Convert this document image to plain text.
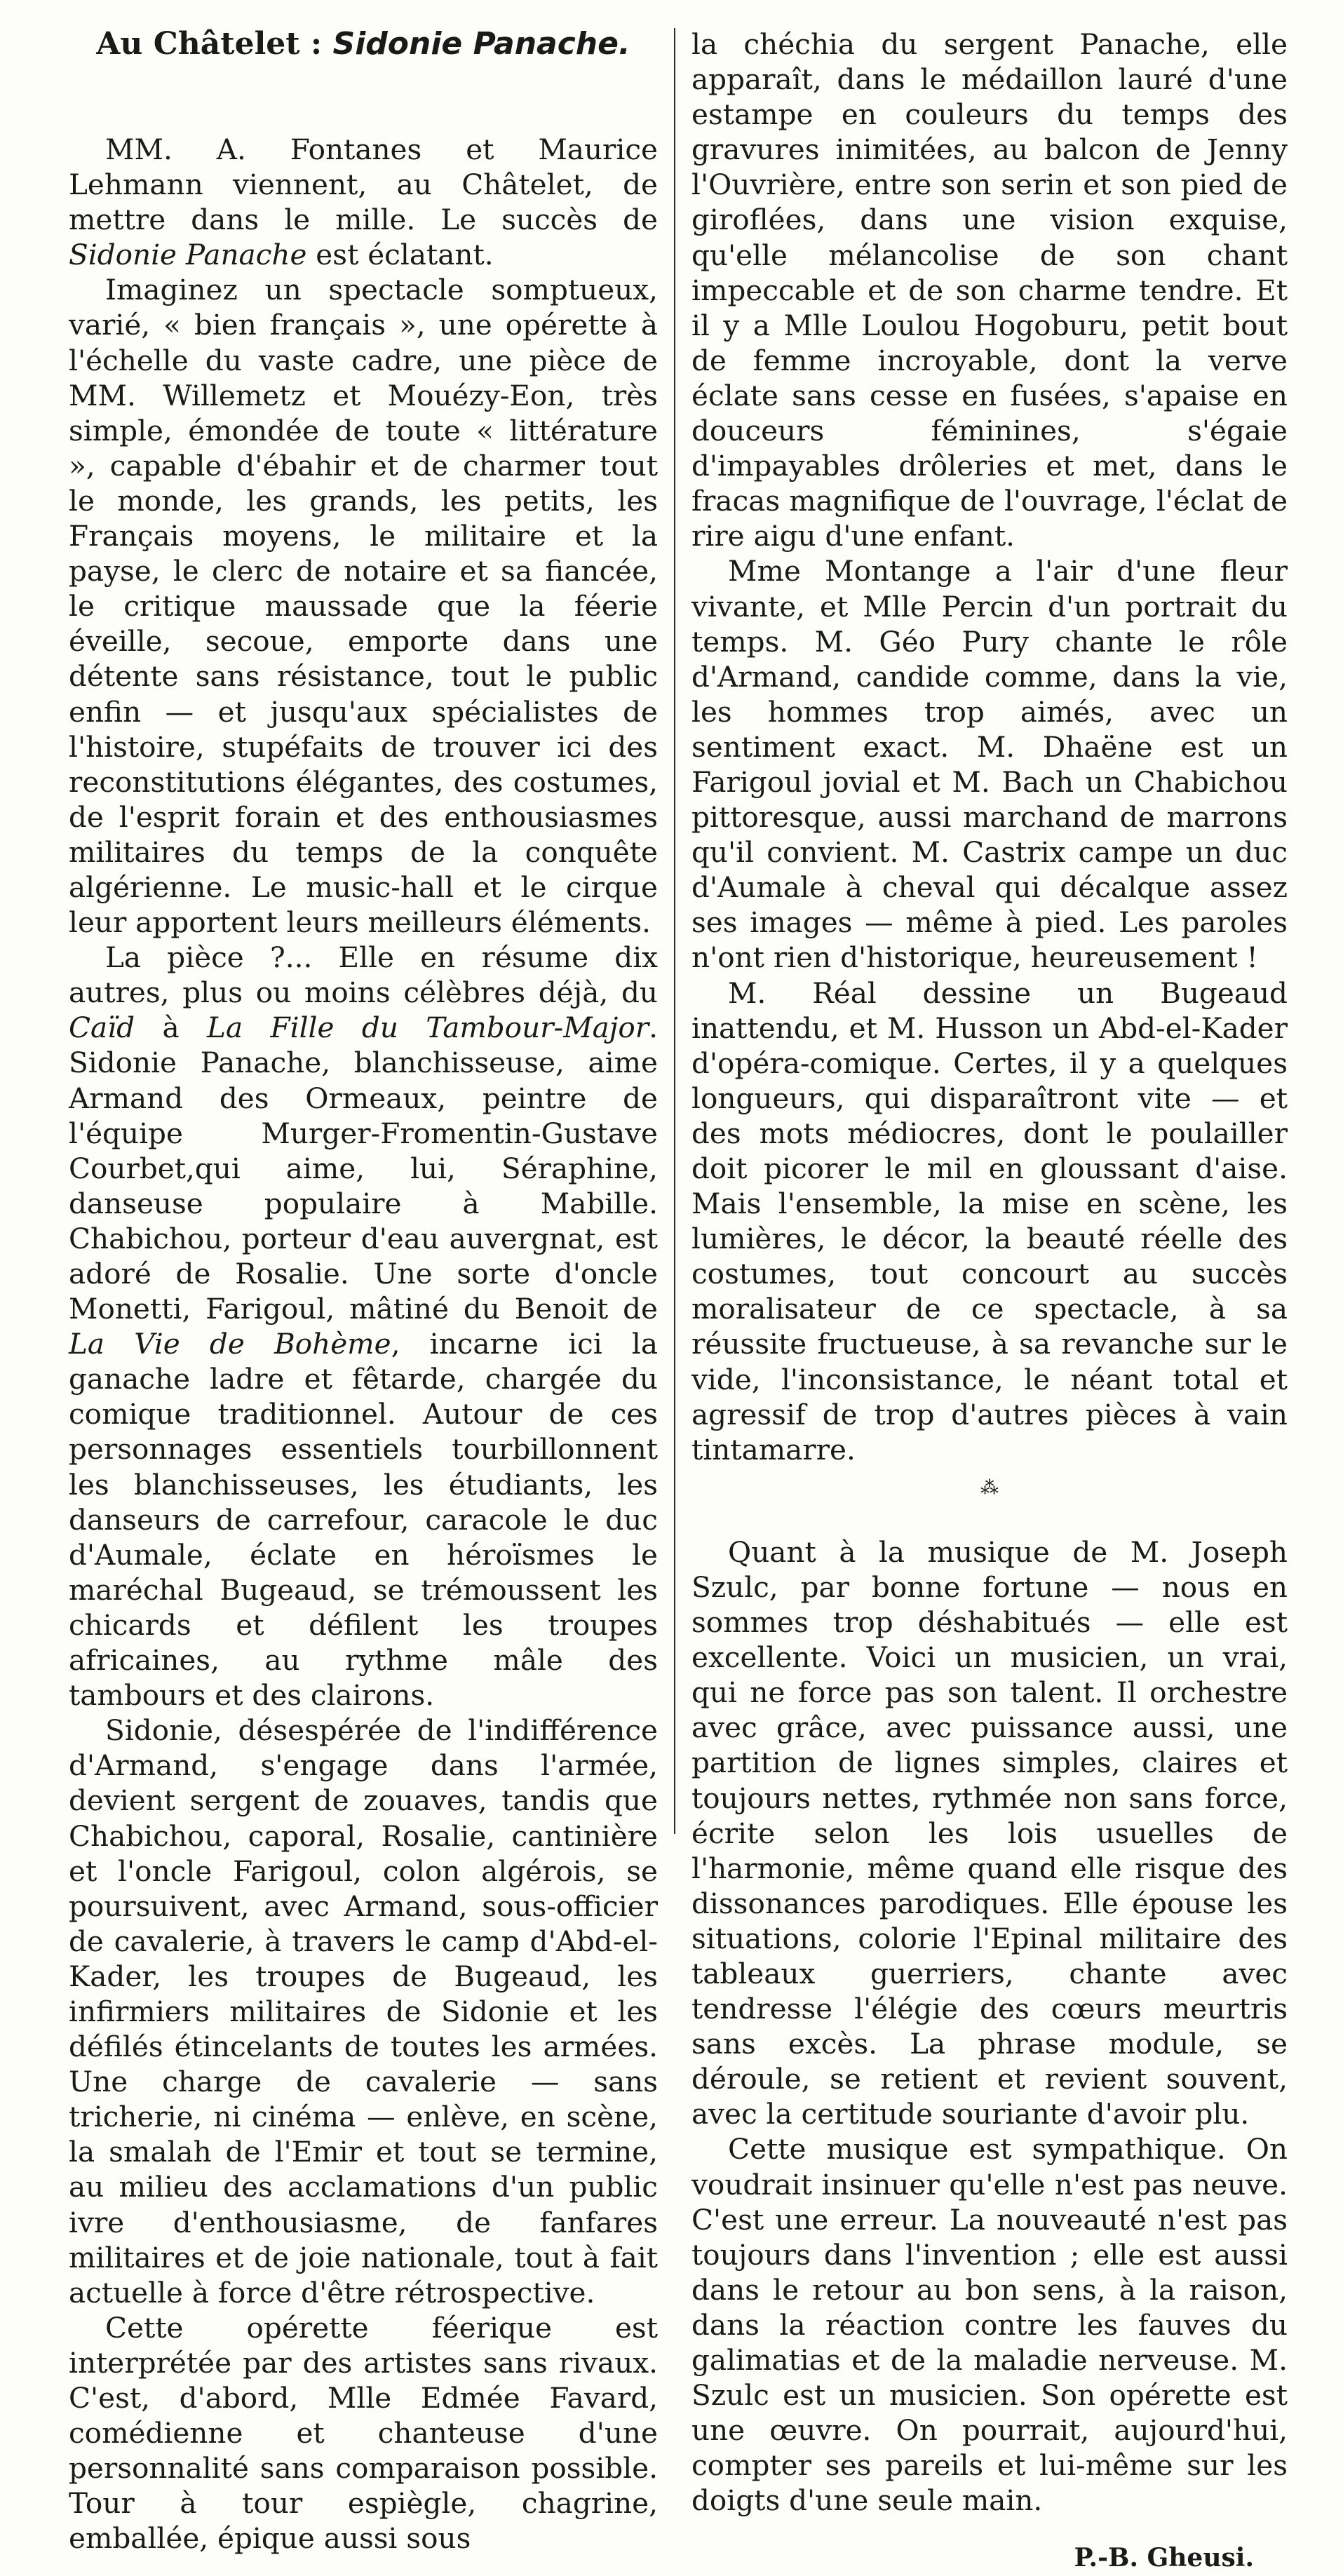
Au Châtelet : Sidonie Panache.

MM. A. Fontanes et Maurice Lehmann viennent, au Châtelet, de mettre dans le mille. Le succès de Sidonie Panache est éclatant.

Imaginez un spectacle somptueux, varié, « bien français », une opérette à l'échelle du vaste cadre, une pièce de MM. Willemetz et Mouézy-Eon, très simple, émondée de toute « littérature », capable d'ébahir et de charmer tout le monde, les grands, les petits, les Français moyens, le militaire et la payse, le clerc de notaire et sa fiancée, le critique maussade que la féerie éveille, secoue, emporte dans une détente sans résistance, tout le public enfin — et jusqu'aux spécialistes de l'histoire, stupéfaits de trouver ici des reconstitutions élégantes, des costumes, de l'esprit forain et des enthousiasmes militaires du temps de la conquête algérienne. Le music-hall et le cirque leur apportent leurs meilleurs éléments.

La pièce ?... Elle en résume dix autres, plus ou moins célèbres déjà, du Caïd à La Fille du Tambour-Major. Sidonie Panache, blanchisseuse, aime Armand des Ormeaux, peintre de l'équipe Murger-Fromentin-Gustave Courbet,qui aime, lui, Séraphine, danseuse populaire à Mabille. Chabichou, porteur d'eau auvergnat, est adoré de Rosalie. Une sorte d'oncle Monetti, Farigoul, mâtiné du Benoit de La Vie de Bohème, incarne ici la ganache ladre et fêtarde, chargée du comique traditionnel. Autour de ces personnages essentiels tourbillonnent les blanchisseuses, les étudiants, les danseurs de carrefour, caracole le duc d'Aumale, éclate en héroïsmes le maréchal Bugeaud, se trémoussent les chicards et défilent les troupes africaines, au rythme mâle des tambours et des clairons.

Sidonie, désespérée de l'indifférence d'Armand, s'engage dans l'armée, devient sergent de zouaves, tandis que Chabichou, caporal, Rosalie, cantinière et l'oncle Farigoul, colon algérois, se poursuivent, avec Armand, sous-officier de cavalerie, à travers le camp d'Abd-el-Kader, les troupes de Bugeaud, les infirmiers militaires de Sidonie et les défilés étincelants de toutes les armées. Une charge de cavalerie — sans tricherie, ni cinéma — enlève, en scène, la smalah de l'Emir et tout se termine, au milieu des acclamations d'un public ivre d'enthousiasme, de fanfares militaires et de joie nationale, tout à fait actuelle à force d'être rétrospective.

Cette opérette féerique est interprétée par des artistes sans rivaux. C'est, d'abord, Mlle Edmée Favard, comédienne et chanteuse d'une personnalité sans comparaison possible. Tour à tour espiègle, chagrine, emballée, épique aussi sous

la chéchia du sergent Panache, elle apparaît, dans le médaillon lauré d'une estampe en couleurs du temps des gravures inimitées, au balcon de Jenny l'Ouvrière, entre son serin et son pied de giroflées, dans une vision exquise, qu'elle mélancolise de son chant impeccable et de son charme tendre. Et il y a Mlle Loulou Hogoburu, petit bout de femme incroyable, dont la verve éclate sans cesse en fusées, s'apaise en douceurs féminines, s'égaie d'impayables drôleries et met, dans le fracas magnifique de l'ouvrage, l'éclat de rire aigu d'une enfant.

Mme Montange a l'air d'une fleur vivante, et Mlle Percin d'un portrait du temps. M. Géo Pury chante le rôle d'Armand, candide comme, dans la vie, les hommes trop aimés, avec un sentiment exact. M. Dhaëne est un Farigoul jovial et M. Bach un Chabichou pittoresque, aussi marchand de marrons qu'il convient. M. Castrix campe un duc d'Aumale à cheval qui décalque assez ses images — même à pied. Les paroles n'ont rien d'historique, heureusement !

M. Réal dessine un Bugeaud inattendu, et M. Husson un Abd-el-Kader d'opéra-comique. Certes, il y a quelques longueurs, qui disparaîtront vite — et des mots médiocres, dont le poulailler doit picorer le mil en gloussant d'aise. Mais l'ensemble, la mise en scène, les lumières, le décor, la beauté réelle des costumes, tout concourt au succès moralisateur de ce spectacle, à sa réussite fructueuse, à sa revanche sur le vide, l'inconsistance, le néant total et agressif de trop d'autres pièces à vain tintamarre.

⁂

Quant à la musique de M. Joseph Szulc, par bonne fortune — nous en sommes trop déshabitués — elle est excellente. Voici un musicien, un vrai, qui ne force pas son talent. Il orchestre avec grâce, avec puissance aussi, une partition de lignes simples, claires et toujours nettes, rythmée non sans force, écrite selon les lois usuelles de l'harmonie, même quand elle risque des dissonances parodiques. Elle épouse les situations, colorie l'Epinal militaire des tableaux guerriers, chante avec tendresse l'élégie des cœurs meurtris sans excès. La phrase module, se déroule, se retient et revient souvent, avec la certitude souriante d'avoir plu.

Cette musique est sympathique. On voudrait insinuer qu'elle n'est pas neuve. C'est une erreur. La nouveauté n'est pas toujours dans l'invention ; elle est aussi dans le retour au bon sens, à la raison, dans la réaction contre les fauves du galimatias et de la maladie nerveuse. M. Szulc est un musicien. Son opérette est une œuvre. On pourrait, aujourd'hui, compter ses pareils et lui-même sur les doigts d'une seule main.

P.-B. Gheusi.
